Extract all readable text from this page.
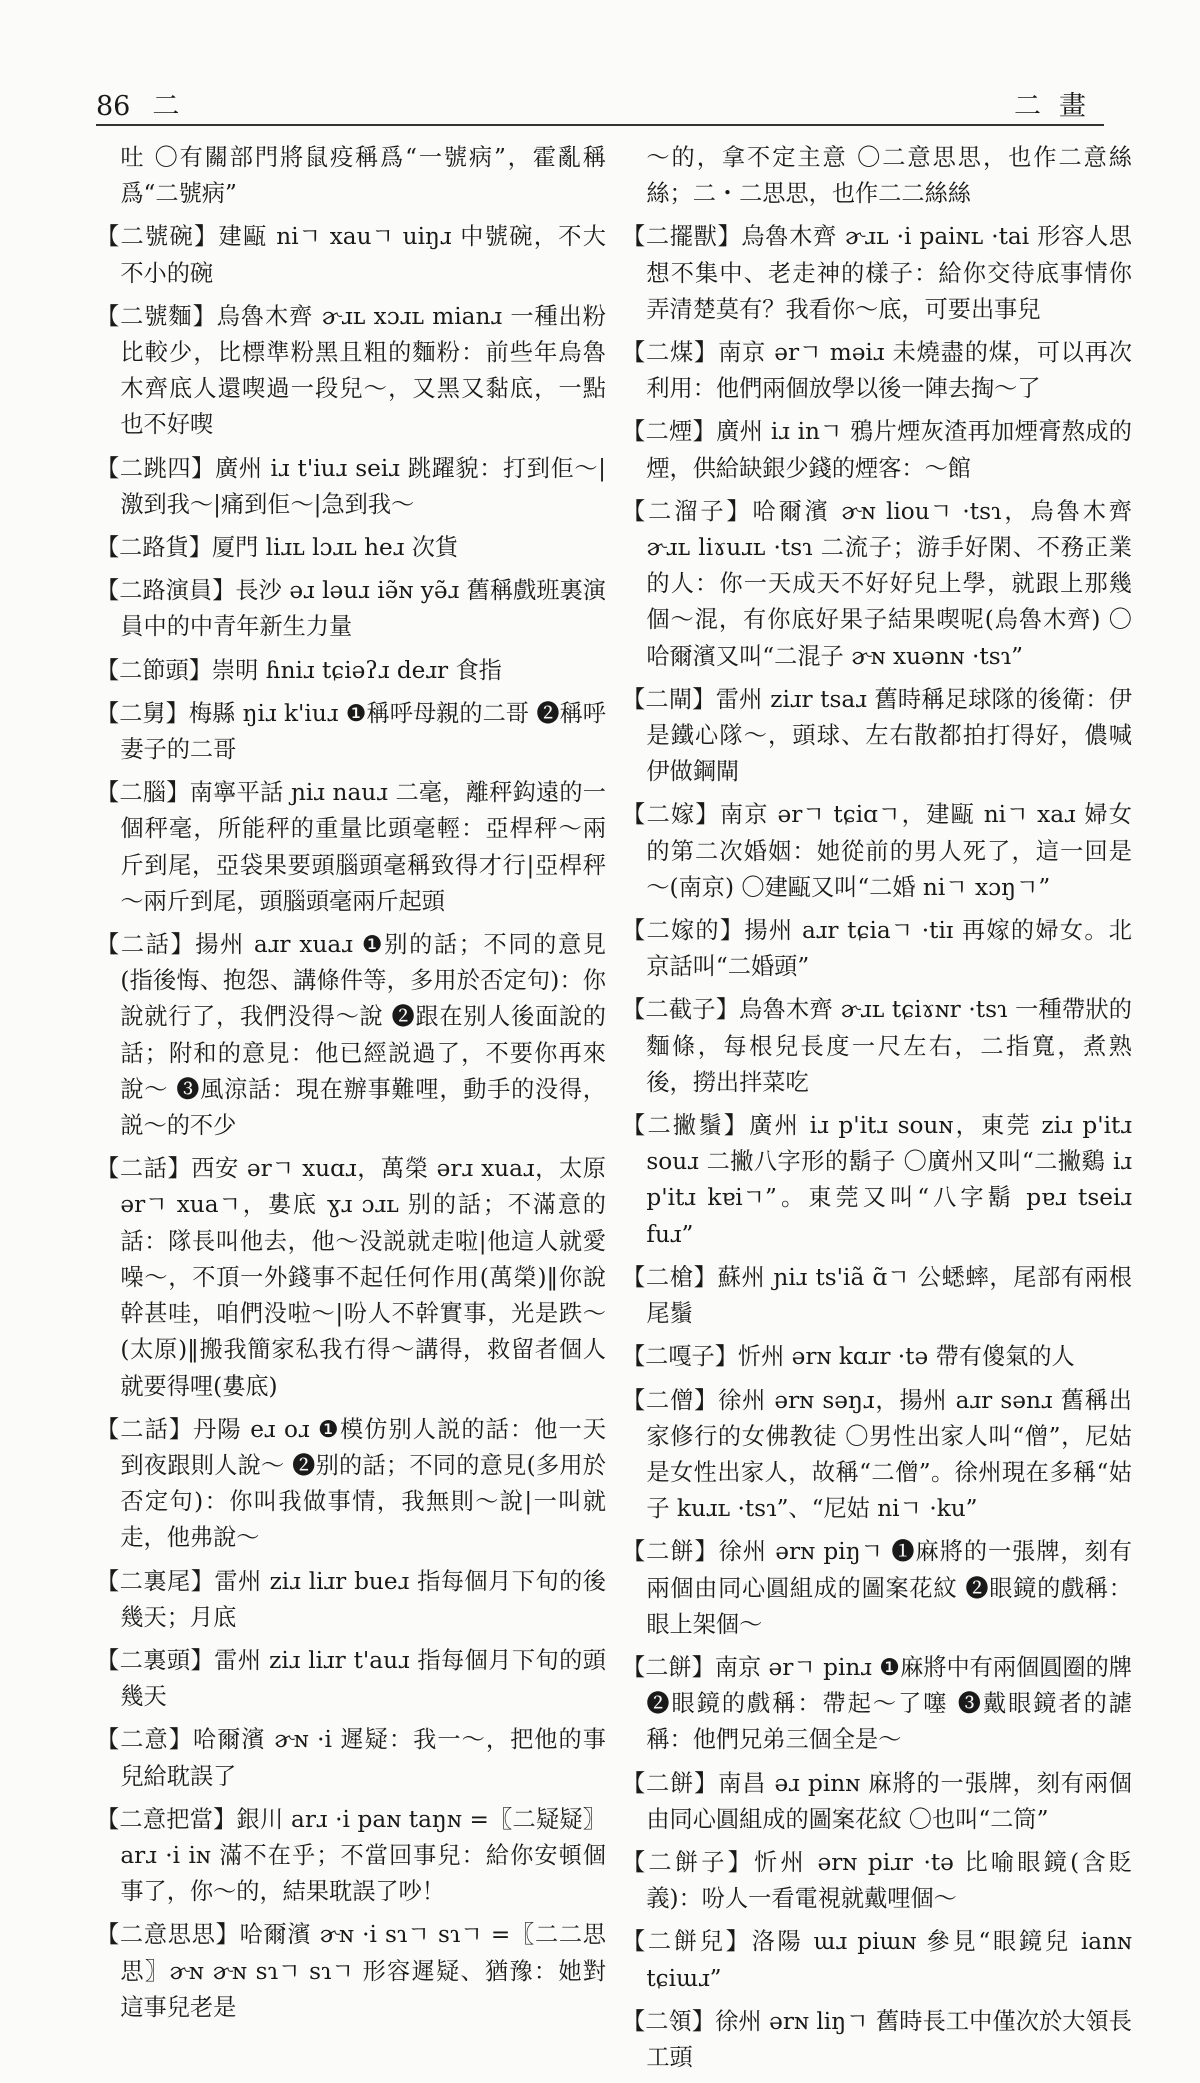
86 二	二畫

吐 〇有關部門將鼠疫稱爲“一號病”，霍亂稱爲“二號病”

【二號碗】建甌 niㄱ xauㄱ uiŋɹ 中號碗，不大不小的碗

【二號麵】烏魯木齊 ɚɹʟ xɔɹʟ mianɹ 一種出粉比較少，比標準粉黑且粗的麵粉：前些年烏魯木齊底人還喫過一段兒～，又黑又黏底，一點也不好喫

【二跳四】廣州 iɹ t'iuɹ seiɹ 跳躍貌：打到佢～|激到我～|痛到佢～|急到我～

【二路貨】厦門 liɹʟ lɔɹʟ heɹ 次貨

【二路演員】長沙 əɹ ləuɹ iə̃ɴ yə̃ɹ 舊稱戲班裏演員中的中青年新生力量

【二節頭】崇明 ɦniɹ tɕiəʔɹ deɹr 食指

【二舅】梅縣 ŋiɹ k'iuɹ ❶稱呼母親的二哥 ❷稱呼妻子的二哥

【二腦】南寧平話 ɲiɹ nauɹ 二毫，離秤鈎遠的一個秤毫，所能秤的重量比頭毫輕：亞桿秤～兩斤到尾，亞袋果要頭腦頭毫稱致得才行|亞桿秤～兩斤到尾，頭腦頭毫兩斤起頭

【二話】揚州 aɹr xuaɹ ❶别的話；不同的意見(指後悔、抱怨、講條件等，多用於否定句)：你說就行了，我們没得～說 ❷跟在别人後面說的話；附和的意見：他已經説過了，不要你再來說～ ❸風涼話：現在辦事難哩，動手的没得，説～的不少

【二話】西安 ərㄱ xuɑɹ，萬榮 ərɹ xuaɹ，太原 ərㄱ xuaㄱ，婁底 ɣɹ ɔɹʟ 别的話；不滿意的話：隊長叫他去，他～没説就走啦|他這人就愛噪～，不頂一外錢事不起任何作用(萬榮)‖你說幹甚哇，咱們没啦～|吩人不幹實事，光是跌～(太原)‖搬我簡家私我冇得～講得，救留者個人就要得哩(婁底)

【二話】丹陽 eɹ oɹ ❶模仿别人説的話：他一天到夜跟則人說～ ❷别的話；不同的意見(多用於否定句)：你叫我做事情，我無則～說|一叫就走，他弗說～

【二裏尾】雷州 ziɹ liɹr bueɹ 指每個月下旬的後幾天；月底

【二裏頭】雷州 ziɹ liɹr t'auɹ 指每個月下旬的頭幾天

【二意】哈爾濱 ɚɴ ·i 遲疑：我一～，把他的事兒給耽誤了

【二意把當】銀川 arɹ ·i paɴ taŋɴ =〖二疑疑〗arɹ ·i iɴ 滿不在乎；不當回事兒：給你安頓個事了，你～的，結果耽誤了吵！

【二意思思】哈爾濱 ɚɴ ·i sɿㄱ sɿㄱ =〖二二思思〗ɚɴ ɚɴ sɿㄱ sɿㄱ 形容遲疑、猶豫：她對這事兒老是

～的，拿不定主意 〇二意思思，也作二意絲絲；二・二思思，也作二二絲絲

【二擺獸】烏魯木齊 ɚɹʟ ·i paiɴʟ ·tai 形容人思想不集中、老走神的樣子：給你交待底事情你弄清楚莫有？我看你～底，可要出事兒

【二煤】南京 ərㄱ məiɹ 未燒盡的煤，可以再次利用：他們兩個放學以後一陣去掏～了

【二煙】廣州 iɹ inㄱ 鴉片煙灰渣再加煙膏熬成的煙，供給缺銀少錢的煙客：～館

【二溜子】哈爾濱 ɚɴ liouㄱ ·tsɿ，烏魯木齊 ɚɹʟ liɤuɹʟ ·tsɿ 二流子；游手好閑、不務正業的人：你一天成天不好好兒上學，就跟上那幾個～混，有你底好果子結果喫呢(烏魯木齊) 〇哈爾濱又叫“二混子 ɚɴ xuənɴ ·tsɿ”

【二閘】雷州 ziɹr tsaɹ 舊時稱足球隊的後衛：伊是鐵心隊～，頭球、左右散都拍打得好，儂喊伊做鋼閘

【二嫁】南京 ərㄱ tɕiɑㄱ，建甌 niㄱ xaɹ 婦女的第二次婚姻：她從前的男人死了，這一回是～(南京) 〇建甌又叫“二婚 niㄱ xɔŋㄱ”

【二嫁的】揚州 aɹr tɕiaㄱ ·tiɪ 再嫁的婦女。北京話叫“二婚頭”

【二截子】烏魯木齊 ɚɹʟ tɕiɤɴr ·tsɿ 一種帶狀的麵條，每根兒長度一尺左右，二指寬，煮熟後，撈出拌菜吃

【二撇鬚】廣州 iɹ p'itɹ souɴ，東莞 ziɹ p'itɹ souɹ 二撇八字形的鬍子 〇廣州又叫“二撇鷄 iɹ p'itɹ kɐiㄱ”。東莞又叫“八字鬍 pɐɹ tseiɹ fuɹ”

【二槍】蘇州 ɲiɹ ts'iã ɑ̃ㄱ 公蟋蟀，尾部有兩根尾鬚

【二嘎子】忻州 ərɴ kɑɹr ·tə 帶有傻氣的人

【二僧】徐州 ərɴ səŋɹ，揚州 aɹr sənɹ 舊稱出家修行的女佛教徒 〇男性出家人叫“僧”，尼姑是女性出家人，故稱“二僧”。徐州現在多稱“姑子 kuɹʟ ·tsɿ”、“尼姑 niㄱ ·ku”

【二餅】徐州 ərɴ piŋㄱ ❶麻將的一張牌，刻有兩個由同心圓組成的圖案花紋 ❷眼鏡的戲稱：眼上架個～

【二餅】南京 ərㄱ pinɹ ❶麻將中有兩個圓圈的牌 ❷眼鏡的戲稱：帶起～了噻 ❸戴眼鏡者的謔稱：他們兄弟三個全是～

【二餅】南昌 əɹ pinɴ 麻將的一張牌，刻有兩個由同心圓組成的圖案花紋 〇也叫“二筒”

【二餅子】忻州 ərɴ piɹr ·tə 比喻眼鏡(含貶義)：吩人一看電視就戴哩個～

【二餅兒】洛陽 ɯɹ piɯɴ 參見“眼鏡兒 ianɴ tɕiɯɹ”

【二領】徐州 ərɴ liŋㄱ 舊時長工中僅次於大領長工頭
